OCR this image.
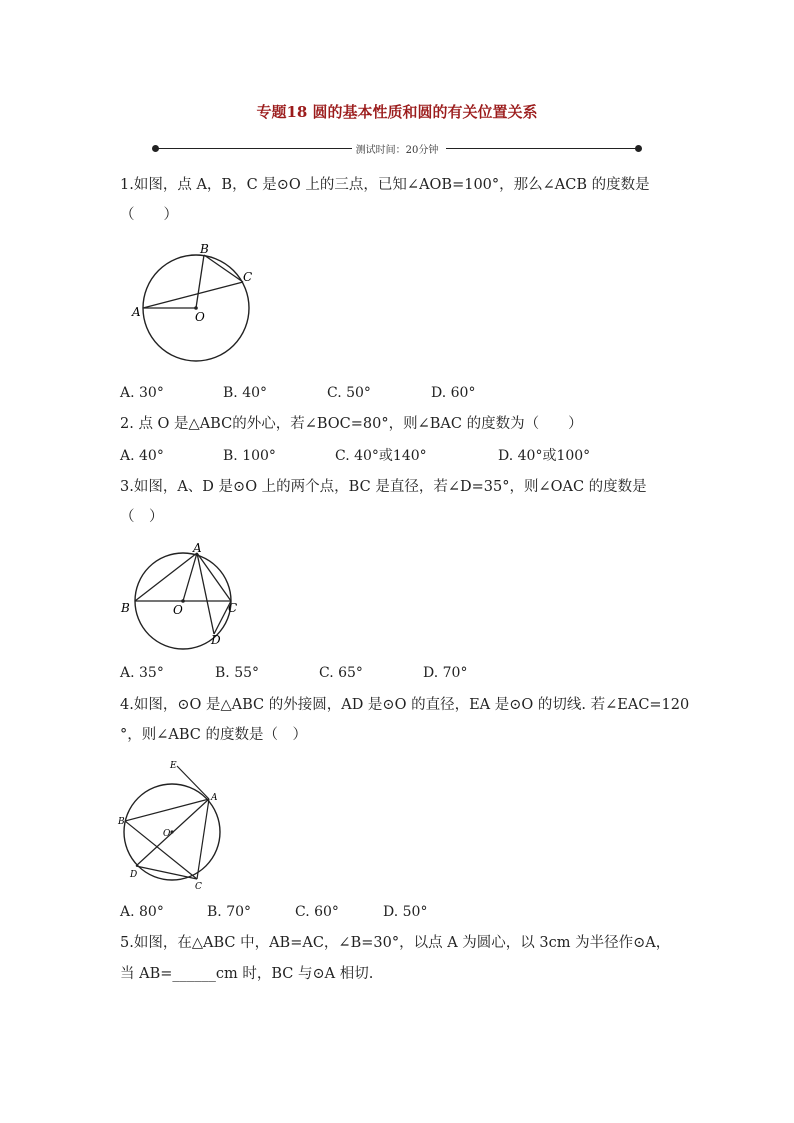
专题18 圆的基本性质和圆的有关位置关系
测试时间：20分钟
1.如图，点 A，B，C 是⊙O 上的三点，已知∠AOB=100°，那么∠ACB 的度数是
（　　）
A
B
C
O
A. 30°	B. 40°	C. 50°	D. 60°
2. 点 O 是△ABC的外心，若∠BOC=80°，则∠BAC 的度数为（　　）
A. 40°	B. 100°	C. 40°或140°	D. 40°或100°
3.如图，A、D 是⊙O 上的两个点，BC 是直径，若∠D=35°，则∠OAC 的度数是
（　）
A
B	C
D
O
A. 35°	B. 55°	C. 65°	D. 70°
4.如图，⊙O 是△ABC 的外接圆，AD 是⊙O 的直径，EA 是⊙O 的切线. 若∠EAC=120
°，则∠ABC 的度数是（　）
E
A
B
O
D
C
A. 80°	B. 70°	C. 60°	D. 50°
5.如图，在△ABC 中，AB=AC，∠B=30°，以点 A 为圆心，以 3cm 为半径作⊙A，
当 AB=______cm 时，BC 与⊙A 相切.
